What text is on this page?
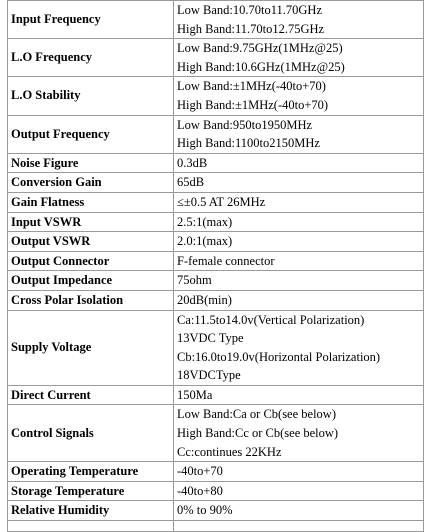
Input Frequency	Low Band:10.70to11.70GHz
High Band:11.70to12.75GHz

L.O Frequency	Low Band:9.75GHz(1MHz@25)
High Band:10.6GHz(1MHz@25)

L.O Stability	Low Band:±1MHz(-40to+70)
High Band:±1MHz(-40to+70)

Output Frequency	Low Band:950to1950MHz
High Band:1100to2150MHz

Noise Figure	0.3dB

Conversion Gain	65dB

Gain Flatness	≤±0.5 AT 26MHz

Input VSWR	2.5:1(max)

Output VSWR	2.0:1(max)

Output Connector	F-female connector

Output Impedance	75ohm

Cross Polar Isolation	20dB(min)

Supply Voltage	Ca:11.5to14.0v(Vertical Polarization)
13VDC Type
Cb:16.0to19.0v(Horizontal Polarization)
18VDCType

Direct Current	150Ma

Control Signals	Low Band:Ca or Cb(see below)
High Band:Cc or Cb(see below)
Cc:continues 22KHz

Operating Temperature	-40to+70

Storage Temperature	-40to+80

Relative Humidity	0% to 90%
